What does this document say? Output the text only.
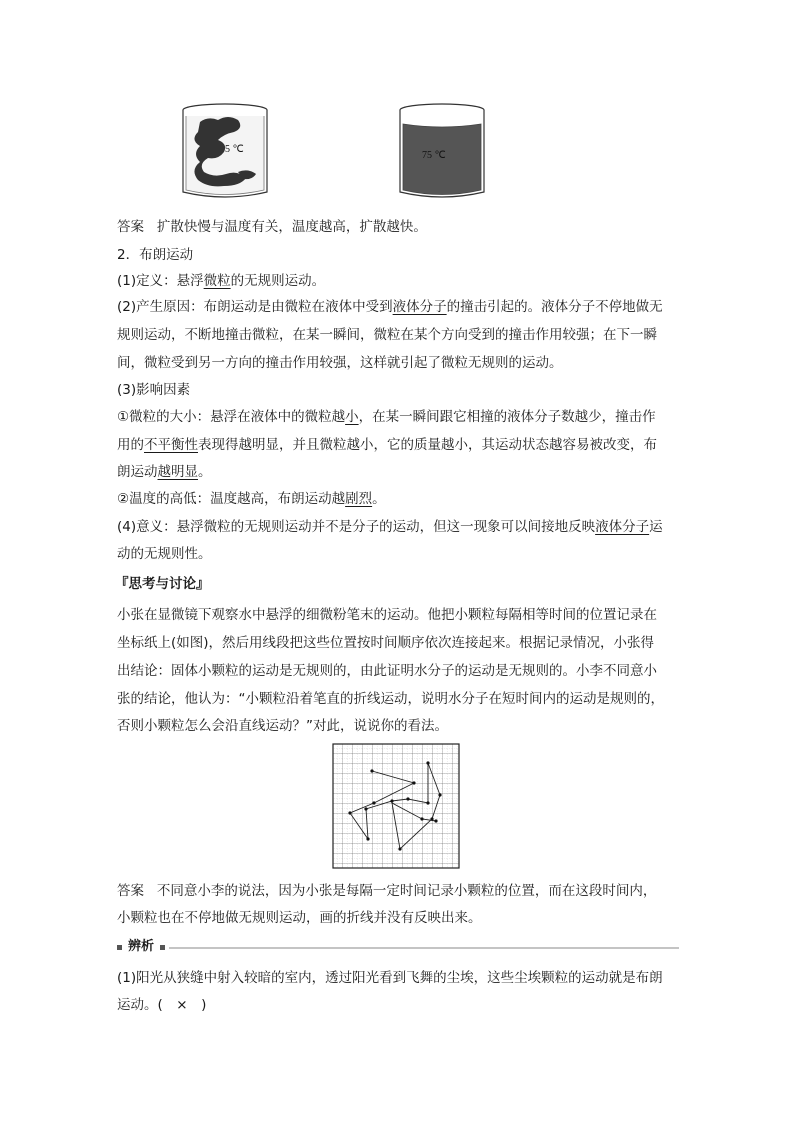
5 ℃
75 ℃
答案 扩散快慢与温度有关，温度越高，扩散越快。
2．布朗运动
(1)定义：悬浮微粒的无规则运动。
(2)产生原因：布朗运动是由微粒在液体中受到液体分子的撞击引起的。液体分子不停地做无
规则运动，不断地撞击微粒，在某一瞬间，微粒在某个方向受到的撞击作用较强；在下一瞬
间，微粒受到另一方向的撞击作用较强，这样就引起了微粒无规则的运动。
(3)影响因素
①微粒的大小：悬浮在液体中的微粒越小，在某一瞬间跟它相撞的液体分子数越少，撞击作
用的不平衡性表现得越明显，并且微粒越小，它的质量越小，其运动状态越容易被改变，布
朗运动越明显。
②温度的高低：温度越高，布朗运动越剧烈。
(4)意义：悬浮微粒的无规则运动并不是分子的运动，但这一现象可以间接地反映液体分子运
动的无规则性。
『思考与讨论』
小张在显微镜下观察水中悬浮的细微粉笔末的运动。他把小颗粒每隔相等时间的位置记录在
坐标纸上(如图)，然后用线段把这些位置按时间顺序依次连接起来。根据记录情况，小张得
出结论：固体小颗粒的运动是无规则的，由此证明水分子的运动是无规则的。小李不同意小
张的结论，他认为：“小颗粒沿着笔直的折线运动，说明水分子在短时间内的运动是规则的，
否则小颗粒怎么会沿直线运动？”对此，说说你的看法。
答案 不同意小李的说法，因为小张是每隔一定时间记录小颗粒的位置，而在这段时间内，
小颗粒也在不停地做无规则运动，画的折线并没有反映出来。
辨析
(1)阳光从狭缝中射入较暗的室内，透过阳光看到飞舞的尘埃，这些尘埃颗粒的运动就是布朗
运动。(　×　)
